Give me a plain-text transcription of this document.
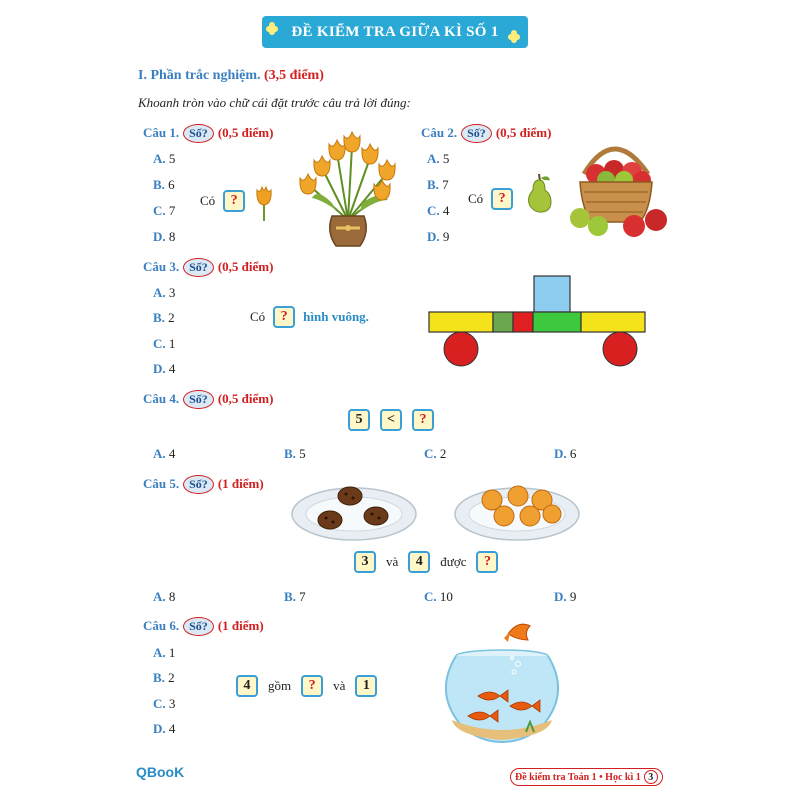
ĐỀ KIỂM TRA GIỮA KÌ SỐ 1
I. Phần trắc nghiệm. (3,5 điểm)
Khoanh tròn vào chữ cái đặt trước câu trả lời đúng:
Câu 1. Số? (0,5 điểm)
A. 5
B. 6
C. 7
D. 8
Có	?
Câu 2. Số? (0,5 điểm)
A. 5
B. 7
C. 4
D. 9
Có	?
Câu 3. Số? (0,5 điểm)
A. 3
B. 2
C. 1
D. 4
Có	?	hình vuông.
Câu 4. Số? (0,5 điểm)
5	<	?
A. 4	B. 5	C. 2	D. 6
Câu 5. Số? (1 điểm)
3	và	4	được	?
A. 8	B. 7	C. 10	D. 9
Câu 6. Số? (1 điểm)
A. 1
B. 2
C. 3
D. 4
4	gồm	?	và	1
QBooK	Đề kiểm tra Toán 1 • Học kì 1 3
